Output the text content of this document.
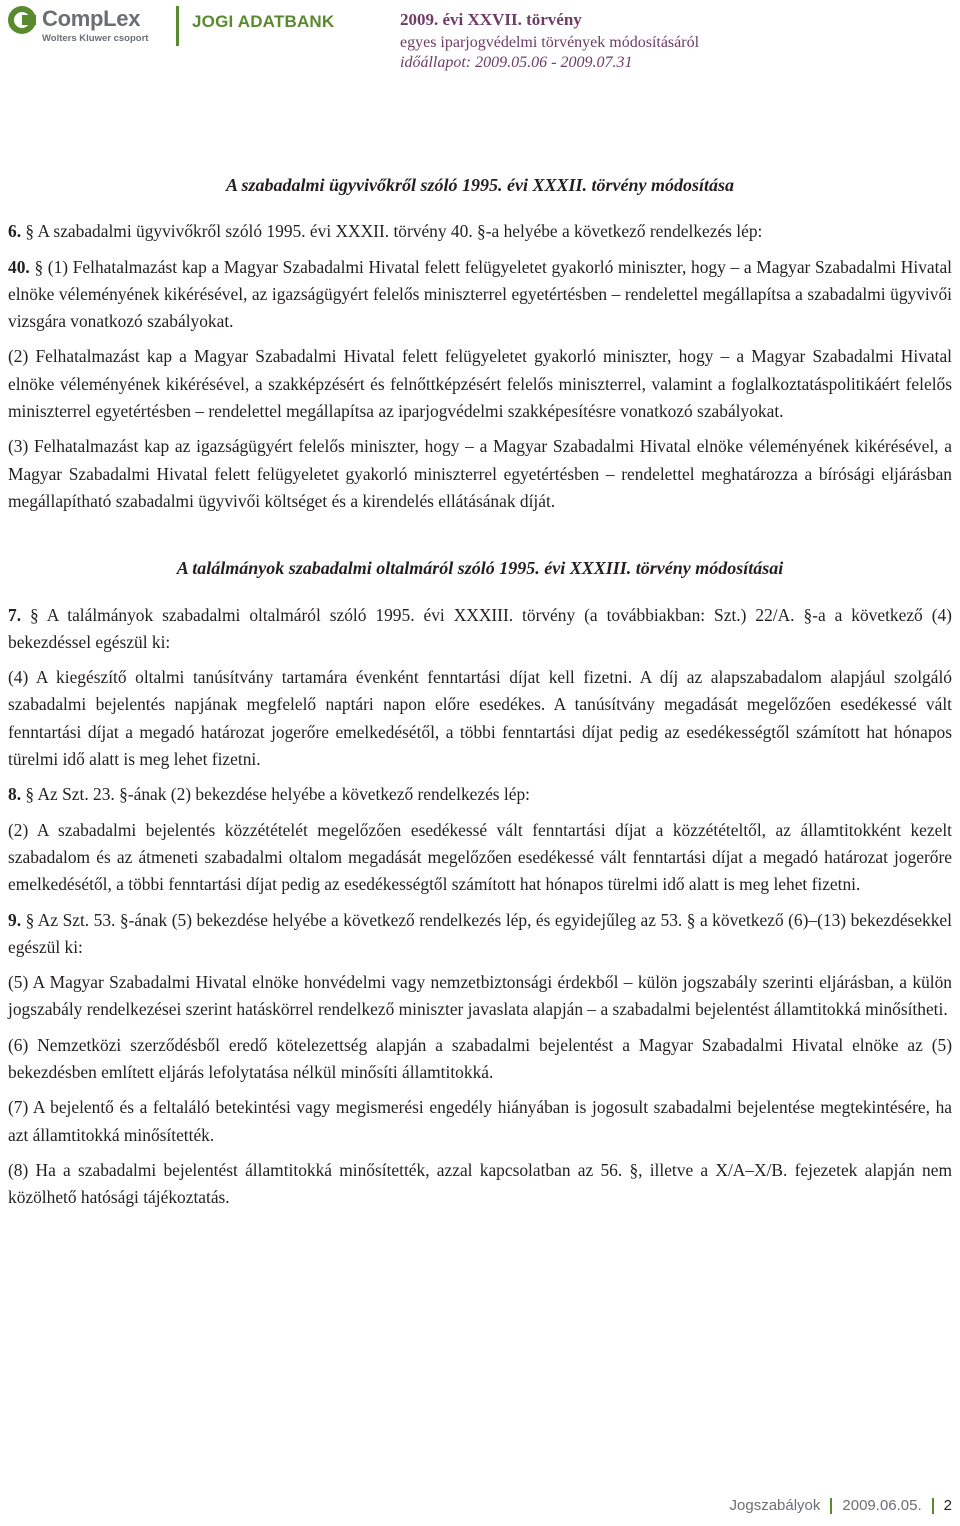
CompLex
Wolters Kluwer csoport
JOGI ADATBANK	2009. évi XXVII. törvény
egyes iparjogvédelmi törvények módosításáról
időállapot: 2009.05.06 - 2009.07.31

A szabadalmi ügyvivőkről szóló 1995. évi XXXII. törvény módosítása

6. § A szabadalmi ügyvivőkről szóló 1995. évi XXXII. törvény 40. §-a helyébe a következő rendelkezés lép:

40. § (1) Felhatalmazást kap a Magyar Szabadalmi Hivatal felett felügyeletet gyakorló miniszter, hogy – a Magyar Szabadalmi Hivatal elnöke véleményének kikérésével, az igazságügyért felelős miniszterrel egyetértésben – rendelettel megállapítsa a szabadalmi ügyvivői vizsgára vonatkozó szabályokat.

(2) Felhatalmazást kap a Magyar Szabadalmi Hivatal felett felügyeletet gyakorló miniszter, hogy – a Magyar Szabadalmi Hivatal elnöke véleményének kikérésével, a szakképzésért és felnőttképzésért felelős miniszterrel, valamint a foglalkoztatáspolitikáért felelős miniszterrel egyetértésben – rendelettel megállapítsa az iparjogvédelmi szakképesítésre vonatkozó szabályokat.

(3) Felhatalmazást kap az igazságügyért felelős miniszter, hogy – a Magyar Szabadalmi Hivatal elnöke véleményének kikérésével, a Magyar Szabadalmi Hivatal felett felügyeletet gyakorló miniszterrel egyetértésben – rendelettel meghatározza a bírósági eljárásban megállapítható szabadalmi ügyvivői költséget és a kirendelés ellátásának díját.

A találmányok szabadalmi oltalmáról szóló 1995. évi XXXIII. törvény módosításai

7. § A találmányok szabadalmi oltalmáról szóló 1995. évi XXXIII. törvény (a továbbiakban: Szt.) 22/A. §-a a következő (4) bekezdéssel egészül ki:

(4) A kiegészítő oltalmi tanúsítvány tartamára évenként fenntartási díjat kell fizetni. A díj az alapszabadalom alapjául szolgáló szabadalmi bejelentés napjának megfelelő naptári napon előre esedékes. A tanúsítvány megadását megelőzően esedékessé vált fenntartási díjat a megadó határozat jogerőre emelkedésétől, a többi fenntartási díjat pedig az esedékességtől számított hat hónapos türelmi idő alatt is meg lehet fizetni.

8. § Az Szt. 23. §-ának (2) bekezdése helyébe a következő rendelkezés lép:

(2) A szabadalmi bejelentés közzétételét megelőzően esedékessé vált fenntartási díjat a közzétételtől, az államtitokként kezelt szabadalom és az átmeneti szabadalmi oltalom megadását megelőzően esedékessé vált fenntartási díjat a megadó határozat jogerőre emelkedésétől, a többi fenntartási díjat pedig az esedékességtől számított hat hónapos türelmi idő alatt is meg lehet fizetni.

9. § Az Szt. 53. §-ának (5) bekezdése helyébe a következő rendelkezés lép, és egyidejűleg az 53. § a következő (6)–(13) bekezdésekkel egészül ki:

(5) A Magyar Szabadalmi Hivatal elnöke honvédelmi vagy nemzetbiztonsági érdekből – külön jogszabály szerinti eljárásban, a külön jogszabály rendelkezései szerint hatáskörrel rendelkező miniszter javaslata alapján – a szabadalmi bejelentést államtitokká minősítheti.

(6) Nemzetközi szerződésből eredő kötelezettség alapján a szabadalmi bejelentést a Magyar Szabadalmi Hivatal elnöke az (5) bekezdésben említett eljárás lefolytatása nélkül minősíti államtitokká.

(7) A bejelentő és a feltaláló betekintési vagy megismerési engedély hiányában is jogosult szabadalmi bejelentése megtekintésére, ha azt államtitokká minősítették.

(8) Ha a szabadalmi bejelentést államtitokká minősítették, azzal kapcsolatban az 56. §, illetve a X/A–X/B. fejezetek alapján nem közölhető hatósági tájékoztatás.

Jogszabályok 2009.06.05. 2
